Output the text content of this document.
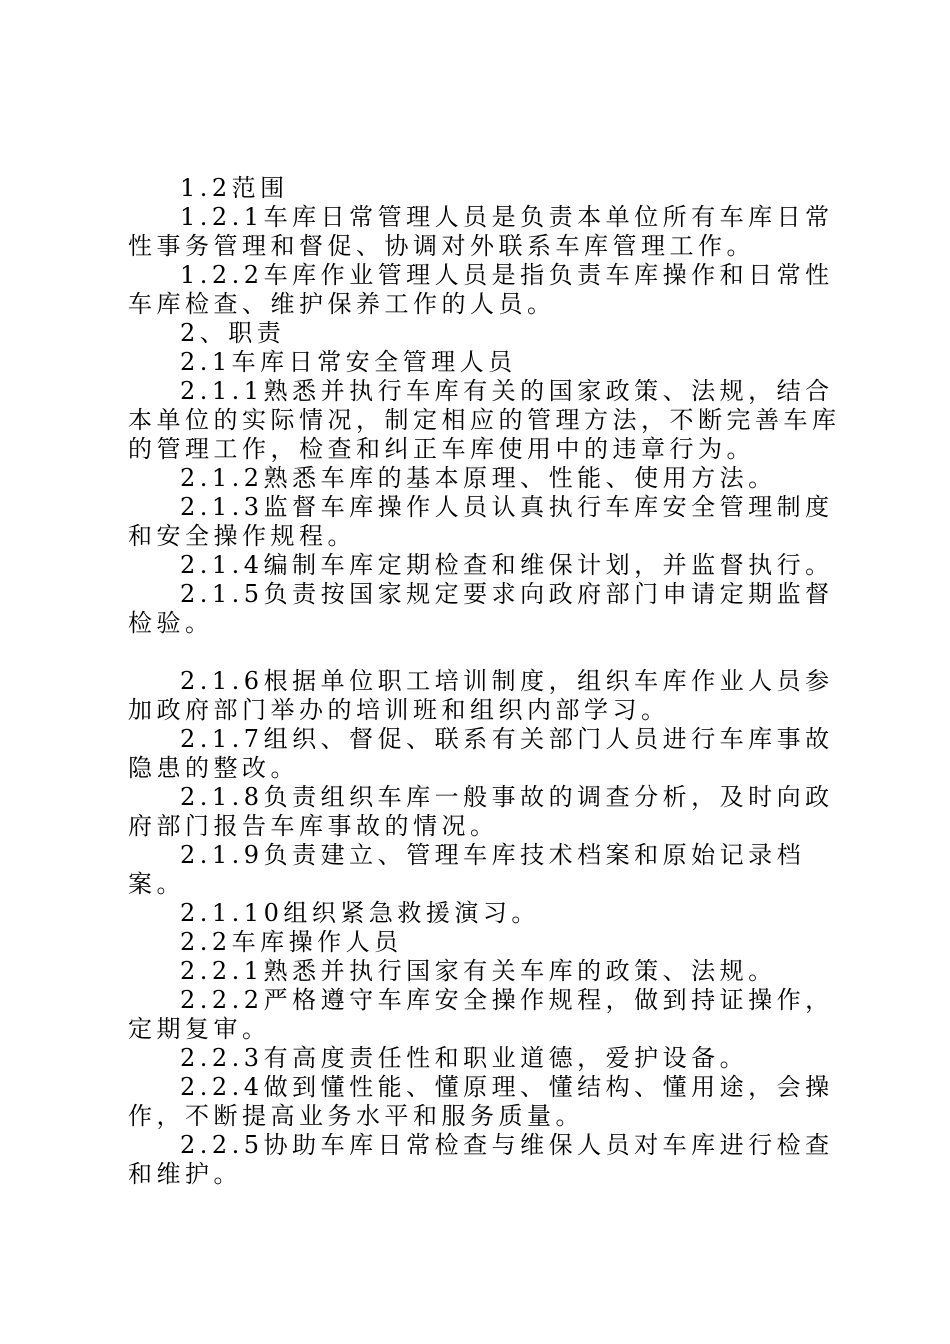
1.2范围

1.2.1车库日常管理人员是负责本单位所有车库日常性事务管理和督促、协调对外联系车库管理工作。

1.2.2车库作业管理人员是指负责车库操作和日常性车库检查、维护保养工作的人员。

2、职责

2.1车库日常安全管理人员

2.1.1熟悉并执行车库有关的国家政策、法规，结合本单位的实际情况，制定相应的管理方法，不断完善车库的管理工作，检查和纠正车库使用中的违章行为。

2.1.2熟悉车库的基本原理、性能、使用方法。

2.1.3监督车库操作人员认真执行车库安全管理制度和安全操作规程。

2.1.4编制车库定期检查和维保计划，并监督执行。

2.1.5负责按国家规定要求向政府部门申请定期监督检验。

2.1.6根据单位职工培训制度，组织车库作业人员参加政府部门举办的培训班和组织内部学习。

2.1.7组织、督促、联系有关部门人员进行车库事故隐患的整改。

2.1.8负责组织车库一般事故的调查分析，及时向政府部门报告车库事故的情况。

2.1.9负责建立、管理车库技术档案和原始记录档案。

2.1.10组织紧急救援演习。

2.2车库操作人员

2.2.1熟悉并执行国家有关车库的政策、法规。

2.2.2严格遵守车库安全操作规程，做到持证操作，定期复审。

2.2.3有高度责任性和职业道德，爱护设备。

2.2.4做到懂性能、懂原理、懂结构、懂用途，会操作，不断提高业务水平和服务质量。

2.2.5协助车库日常检查与维保人员对车库进行检查和维护。
